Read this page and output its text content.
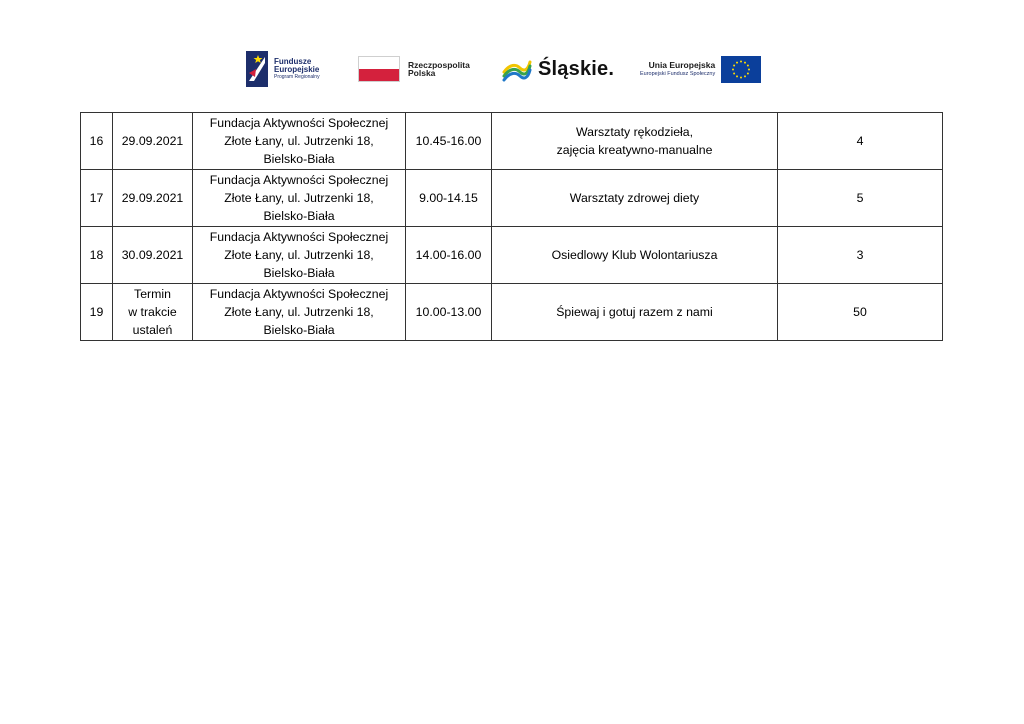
Fundusze
Europejskie
Program Regionalny
Rzeczpospolita
Polska	Śląskie.	Unia Europejska
Europejski Fundusz Społeczny
16	29.09.2021	Fundacja Aktywności Społecznej
Złote Łany, ul. Jutrzenki 18,
Bielsko-Biała	10.45-16.00	Warsztaty rękodzieła,
zajęcia kreatywno-manualne	4
17	29.09.2021	Fundacja Aktywności Społecznej
Złote Łany, ul. Jutrzenki 18,
Bielsko-Biała	9.00-14.15	Warsztaty zdrowej diety	5
18	30.09.2021	Fundacja Aktywności Społecznej
Złote Łany, ul. Jutrzenki 18,
Bielsko-Biała	14.00-16.00	Osiedlowy Klub Wolontariusza	3
19	Termin
w trakcie
ustaleń	Fundacja Aktywności Społecznej
Złote Łany, ul. Jutrzenki 18,
Bielsko-Biała	10.00-13.00	Śpiewaj i gotuj razem z nami	50
